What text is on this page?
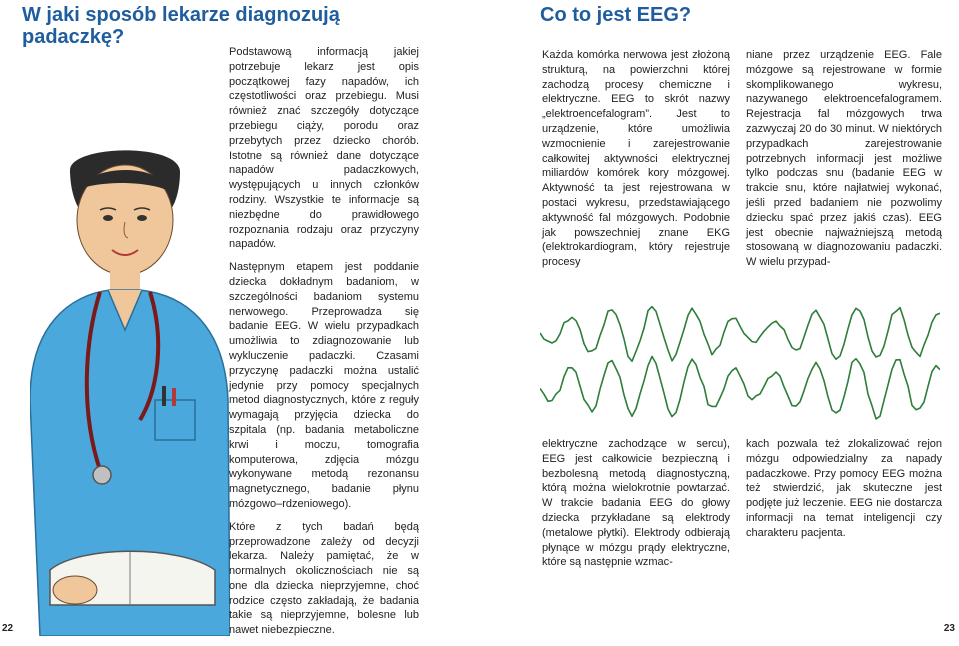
W jaki sposób lekarze diagnozują padaczkę?

Podstawową informacją jakiej potrzebuje lekarz jest opis początkowej fazy napadów, ich częstotliwości oraz przebiegu. Musi również znać szczegóły dotyczące przebiegu ciąży, porodu oraz przebytych przez dziecko chorób. Istotne są również dane dotyczące napadów padaczkowych, występujących u innych członków rodziny. Wszystkie te informacje są niezbędne do prawidłowego rozpoznania rodzaju oraz przyczyny napadów.

Następnym etapem jest poddanie dziecka dokładnym badaniom, w szczególności badaniom systemu nerwowego. Przeprowadza się badanie EEG. W wielu przypadkach umożliwia to zdiagnozowanie lub wykluczenie padaczki. Czasami przyczynę padaczki można ustalić jedynie przy pomocy specjalnych metod diagnostycznych, które z reguły wymagają przyjęcia dziecka do szpitala (np. badania metaboliczne krwi i moczu, tomografia komputerowa, zdjęcia mózgu wykonywane metodą rezonansu magnetycznego, badanie płynu mózgowo–rdzeniowego).

Które z tych badań będą przeprowadzone zależy od decyzji lekarza. Należy pamiętać, że w normalnych okolicznościach nie są one dla dziecka nieprzyjemne, choć rodzice często zakładają, że badania takie są nieprzyjemne, bolesne lub nawet niebezpieczne.

22
Co to jest EEG?

Każda komórka nerwowa jest złożoną strukturą, na powierzchni której zachodzą procesy chemiczne i elektryczne. EEG to skrót nazwy „elektroencefalogram”. Jest to urządzenie, które umożliwia wzmocnienie i zarejestrowanie całkowitej aktywności elektrycznej miliardów komórek kory mózgowej. Aktywność ta jest rejestrowana w postaci wykresu, przedstawiającego aktywność fal mózgowych. Podobnie jak powszechniej znane EKG (elektrokardiogram, który rejestruje procesy

niane przez urządzenie EEG. Fale mózgowe są rejestrowane w formie skomplikowanego wykresu, nazywanego elektroencefalogramem. Rejestracja fal mózgowych trwa zazwyczaj 20 do 30 minut. W niektórych przypadkach zarejestrowanie potrzebnych informacji jest możliwe tylko podczas snu (badanie EEG w trakcie snu, które najłatwiej wykonać, jeśli przed badaniem nie pozwolimy dziecku spać przez jakiś czas). EEG jest obecnie najważniejszą metodą stosowaną w diagnozowaniu padaczki. W wielu przypad-

elektryczne zachodzące w sercu), EEG jest całkowicie bezpieczną i bezbolesną metodą diagnostyczną, którą można wielokrotnie powtarzać. W trakcie badania EEG do głowy dziecka przykładane są elektrody (metalowe płytki). Elektrody odbierają płynące w mózgu prądy elektryczne, które są następnie wzmac-

kach pozwala też zlokalizować rejon mózgu odpowiedzialny za napady padaczkowe. Przy pomocy EEG można też stwierdzić, jak skuteczne jest podjęte już leczenie. EEG nie dostarcza informacji na temat inteligencji czy charakteru pacjenta.

23
